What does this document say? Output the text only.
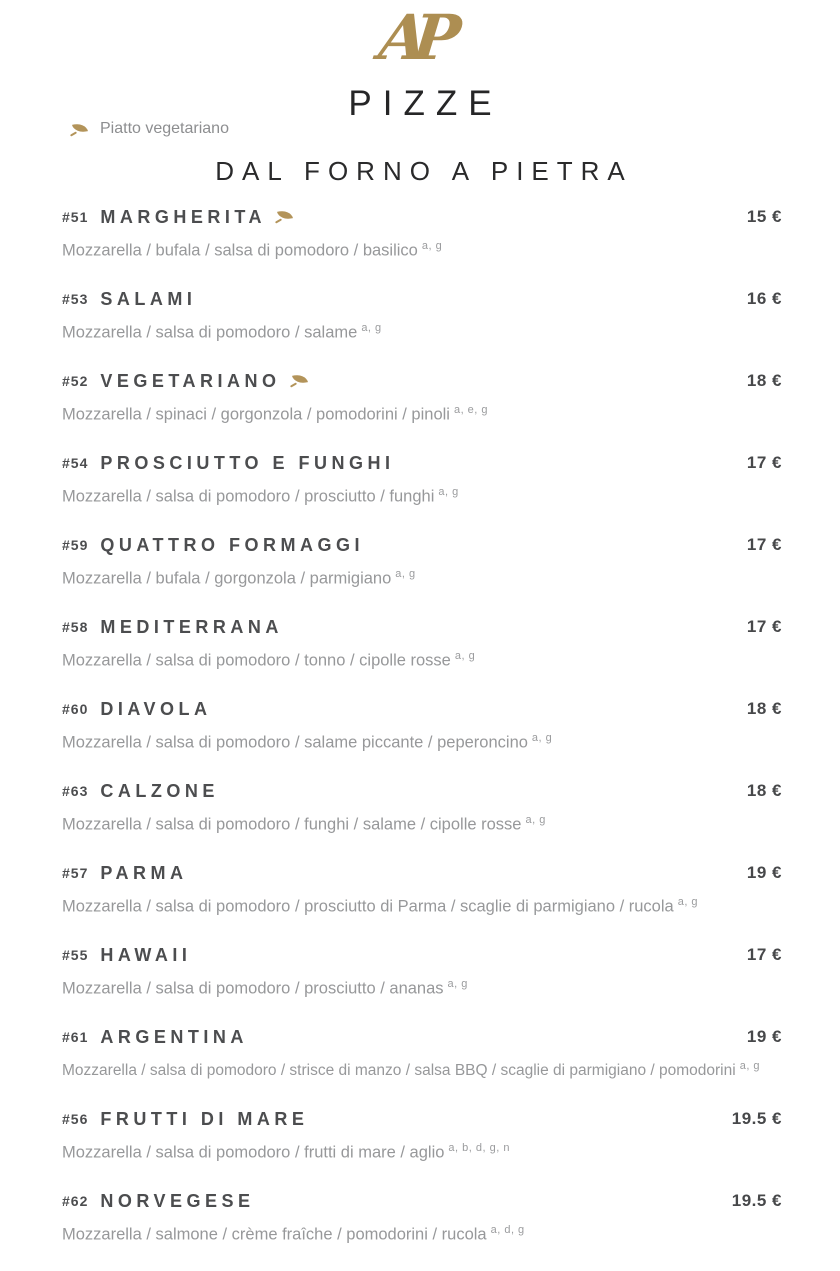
AP
PIZZE
Piatto vegetariano
DAL FORNO A PIETRA
#51 MARGHERITA	15 €
Mozzarella / bufala / salsa di pomodoro / basilico $^{a, g}$
#53 SALAMI	16 €
Mozzarella / salsa di pomodoro / salame $^{a, g}$
#52 VEGETARIANO	18 €
Mozzarella / spinaci / gorgonzola / pomodorini / pinoli $^{a, e, g}$
#54 PROSCIUTTO E FUNGHI	17 €
Mozzarella / salsa di pomodoro / prosciutto / funghi $^{a, g}$
#59 QUATTRO FORMAGGI	17 €
Mozzarella / bufala / gorgonzola / parmigiano $^{a, g}$
#58 MEDITERRANA	17 €
Mozzarella / salsa di pomodoro / tonno / cipolle rosse $^{a, g}$
#60 DIAVOLA	18 €
Mozzarella / salsa di pomodoro / salame piccante / peperoncino $^{a, g}$
#63 CALZONE	18 €
Mozzarella / salsa di pomodoro / funghi / salame / cipolle rosse $^{a, g}$
#57 PARMA	19 €
Mozzarella / salsa di pomodoro / prosciutto di Parma / scaglie di parmigiano / rucola $^{a, g}$
#55 HAWAII	17 €
Mozzarella / salsa di pomodoro / prosciutto / ananas $^{a, g}$
#61 ARGENTINA	19 €
Mozzarella / salsa di pomodoro / strisce di manzo / salsa BBQ / scaglie di parmigiano / pomodorini $^{a, g}$
#56 FRUTTI DI MARE	19.5 €
Mozzarella / salsa di pomodoro / frutti di mare / aglio $^{a, b, d, g, n}$
#62 NORVEGESE	19.5 €
Mozzarella / salmone / crème fraîche / pomodorini / rucola $^{a, d, g}$
